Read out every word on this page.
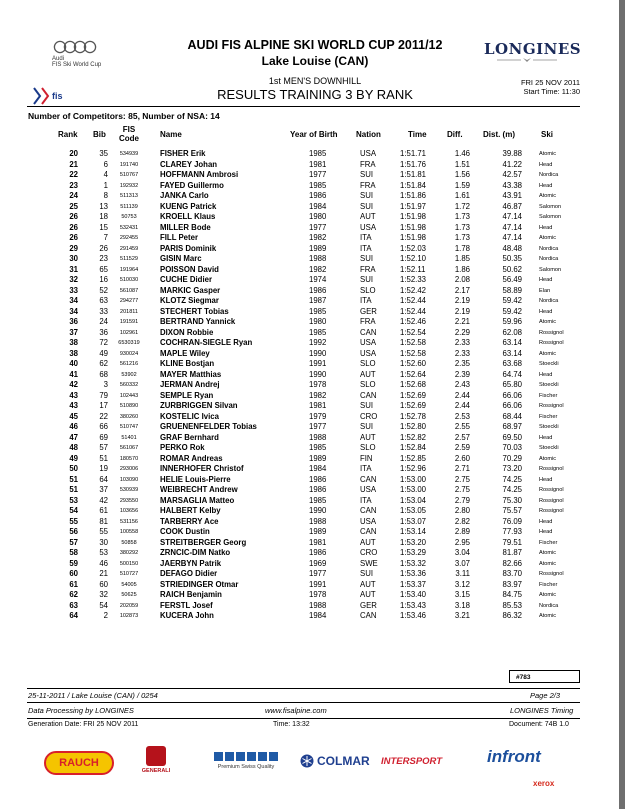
Audi
FIS Ski World Cup
AUDI FIS ALPINE SKI WORLD CUP 2011/12
Lake Louise (CAN)
LONGINES
fis
1st MEN'S DOWNHILL
RESULTS TRAINING 3 BY RANK
FRI 25 NOV 2011
Start Time: 11:30
Number of Competitors: 85, Number of NSA: 14
Rank Bib
FIS
Code	Name	Year of Birth Nation	Time	Diff.	Dist. (m)	Ski
20	35	534939	FISHER Erik	1985	USA	1:51.71	1.46	39.88	Atomic
21	6	191740	CLAREY Johan	1981	FRA	1:51.76	1.51	41.22	Head
22	4	510767	HOFFMANN Ambrosi	1977	SUI	1:51.81	1.56	42.57	Nordica
23	1	192932	FAYED Guillermo	1985	FRA	1:51.84	1.59	43.38	Head
24	8	511313	JANKA Carlo	1986	SUI	1:51.86	1.61	43.91	Atomic
25	13	511139	KUENG Patrick	1984	SUI	1:51.97	1.72	46.87	Salomon
26	18	50753	KROELL Klaus	1980	AUT	1:51.98	1.73	47.14	Salomon
26	15	532431	MILLER Bode	1977	USA	1:51.98	1.73	47.14	Head
26	7	292455	FILL Peter	1982	ITA	1:51.98	1.73	47.14	Atomic
29	26	291459	PARIS Dominik	1989	ITA	1:52.03	1.78	48.48	Nordica
30	23	511529	GISIN Marc	1988	SUI	1:52.10	1.85	50.35	Nordica
31	65	191964	POISSON David	1982	FRA	1:52.11	1.86	50.62	Salomon
32	16	510030	CUCHE Didier	1974	SUI	1:52.33	2.08	56.49	Head
33	52	561087	MARKIC Gasper	1986	SLO	1:52.42	2.17	58.89	Elan
34	63	294277	KLOTZ Siegmar	1987	ITA	1:52.44	2.19	59.42	Nordica
34	33	201811	STECHERT Tobias	1985	GER	1:52.44	2.19	59.42	Head
36	24	191591	BERTRAND Yannick	1980	FRA	1:52.46	2.21	59.96	Atomic
37	36	102961	DIXON Robbie	1985	CAN	1:52.54	2.29	62.08	Rossignol
38	72	6530319	COCHRAN-SIEGLE Ryan	1992	USA	1:52.58	2.33	63.14	Rossignol
38	49	930024	MAPLE Wiley	1990	USA	1:52.58	2.33	63.14	Atomic
40	62	561216	KLINE Bostjan	1991	SLO	1:52.60	2.35	63.68	Stoeckli
41	68	53902	MAYER Matthias	1990	AUT	1:52.64	2.39	64.74	Head
42	3	560332	JERMAN Andrej	1978	SLO	1:52.68	2.43	65.80	Stoeckli
43	79	102443	SEMPLE Ryan	1982	CAN	1:52.69	2.44	66.06	Fischer
43	17	510890	ZURBRIGGEN Silvan	1981	SUI	1:52.69	2.44	66.06	Rossignol
45	22	380260	KOSTELIC Ivica	1979	CRO	1:52.78	2.53	68.44	Fischer
46	66	510747	GRUENENFELDER Tobias	1977	SUI	1:52.80	2.55	68.97	Stoeckli
47	69	51401	GRAF Bernhard	1988	AUT	1:52.82	2.57	69.50	Head
48	57	561067	PERKO Rok	1985	SLO	1:52.84	2.59	70.03	Stoeckli
49	51	180570	ROMAR Andreas	1989	FIN	1:52.85	2.60	70.29	Atomic
50	19	293006	INNERHOFER Christof	1984	ITA	1:52.96	2.71	73.20	Rossignol
51	64	103090	HELIE Louis-Pierre	1986	CAN	1:53.00	2.75	74.25	Head
51	37	530939	WEIBRECHT Andrew	1986	USA	1:53.00	2.75	74.25	Rossignol
53	42	293550	MARSAGLIA Matteo	1985	ITA	1:53.04	2.79	75.30	Rossignol
54	61	103656	HALBERT Kelby	1990	CAN	1:53.05	2.80	75.57	Rossignol
55	81	531156	TARBERRY Ace	1988	USA	1:53.07	2.82	76.09	Head
56	55	100558	COOK Dustin	1989	CAN	1:53.14	2.89	77.93	Head
57	30	50858	STREITBERGER Georg	1981	AUT	1:53.20	2.95	79.51	Fischer
58	53	380292	ZRNCIC-DIM Natko	1986	CRO	1:53.29	3.04	81.87	Atomic
59	46	500150	JAERBYN Patrik	1969	SWE	1:53.32	3.07	82.66	Atomic
60	21	510727	DEFAGO Didier	1977	SUI	1:53.36	3.11	83.70	Rossignol
61	60	54005	STRIEDINGER Otmar	1991	AUT	1:53.37	3.12	83.97	Fischer
62	32	50625	RAICH Benjamin	1978	AUT	1:53.40	3.15	84.75	Atomic
63	54	202059	FERSTL Josef	1988	GER	1:53.43	3.18	85.53	Nordica
64	2	102873	KUCERA John	1984	CAN	1:53.46	3.21	86.32	Atomic
#783
25-11-2011 / Lake Louise (CAN) / 0254	Page 2/3
Data Processing by LONGINES	www.fisalpine.com	LONGINES Timing
Generation Date: FRI 25 NOV 2011	Time: 13:32	Document: 74B 1.0
RAUCH
GENERALI
Premium Swiss Quality	COLMAR INTERSPORT	infront
xerox
